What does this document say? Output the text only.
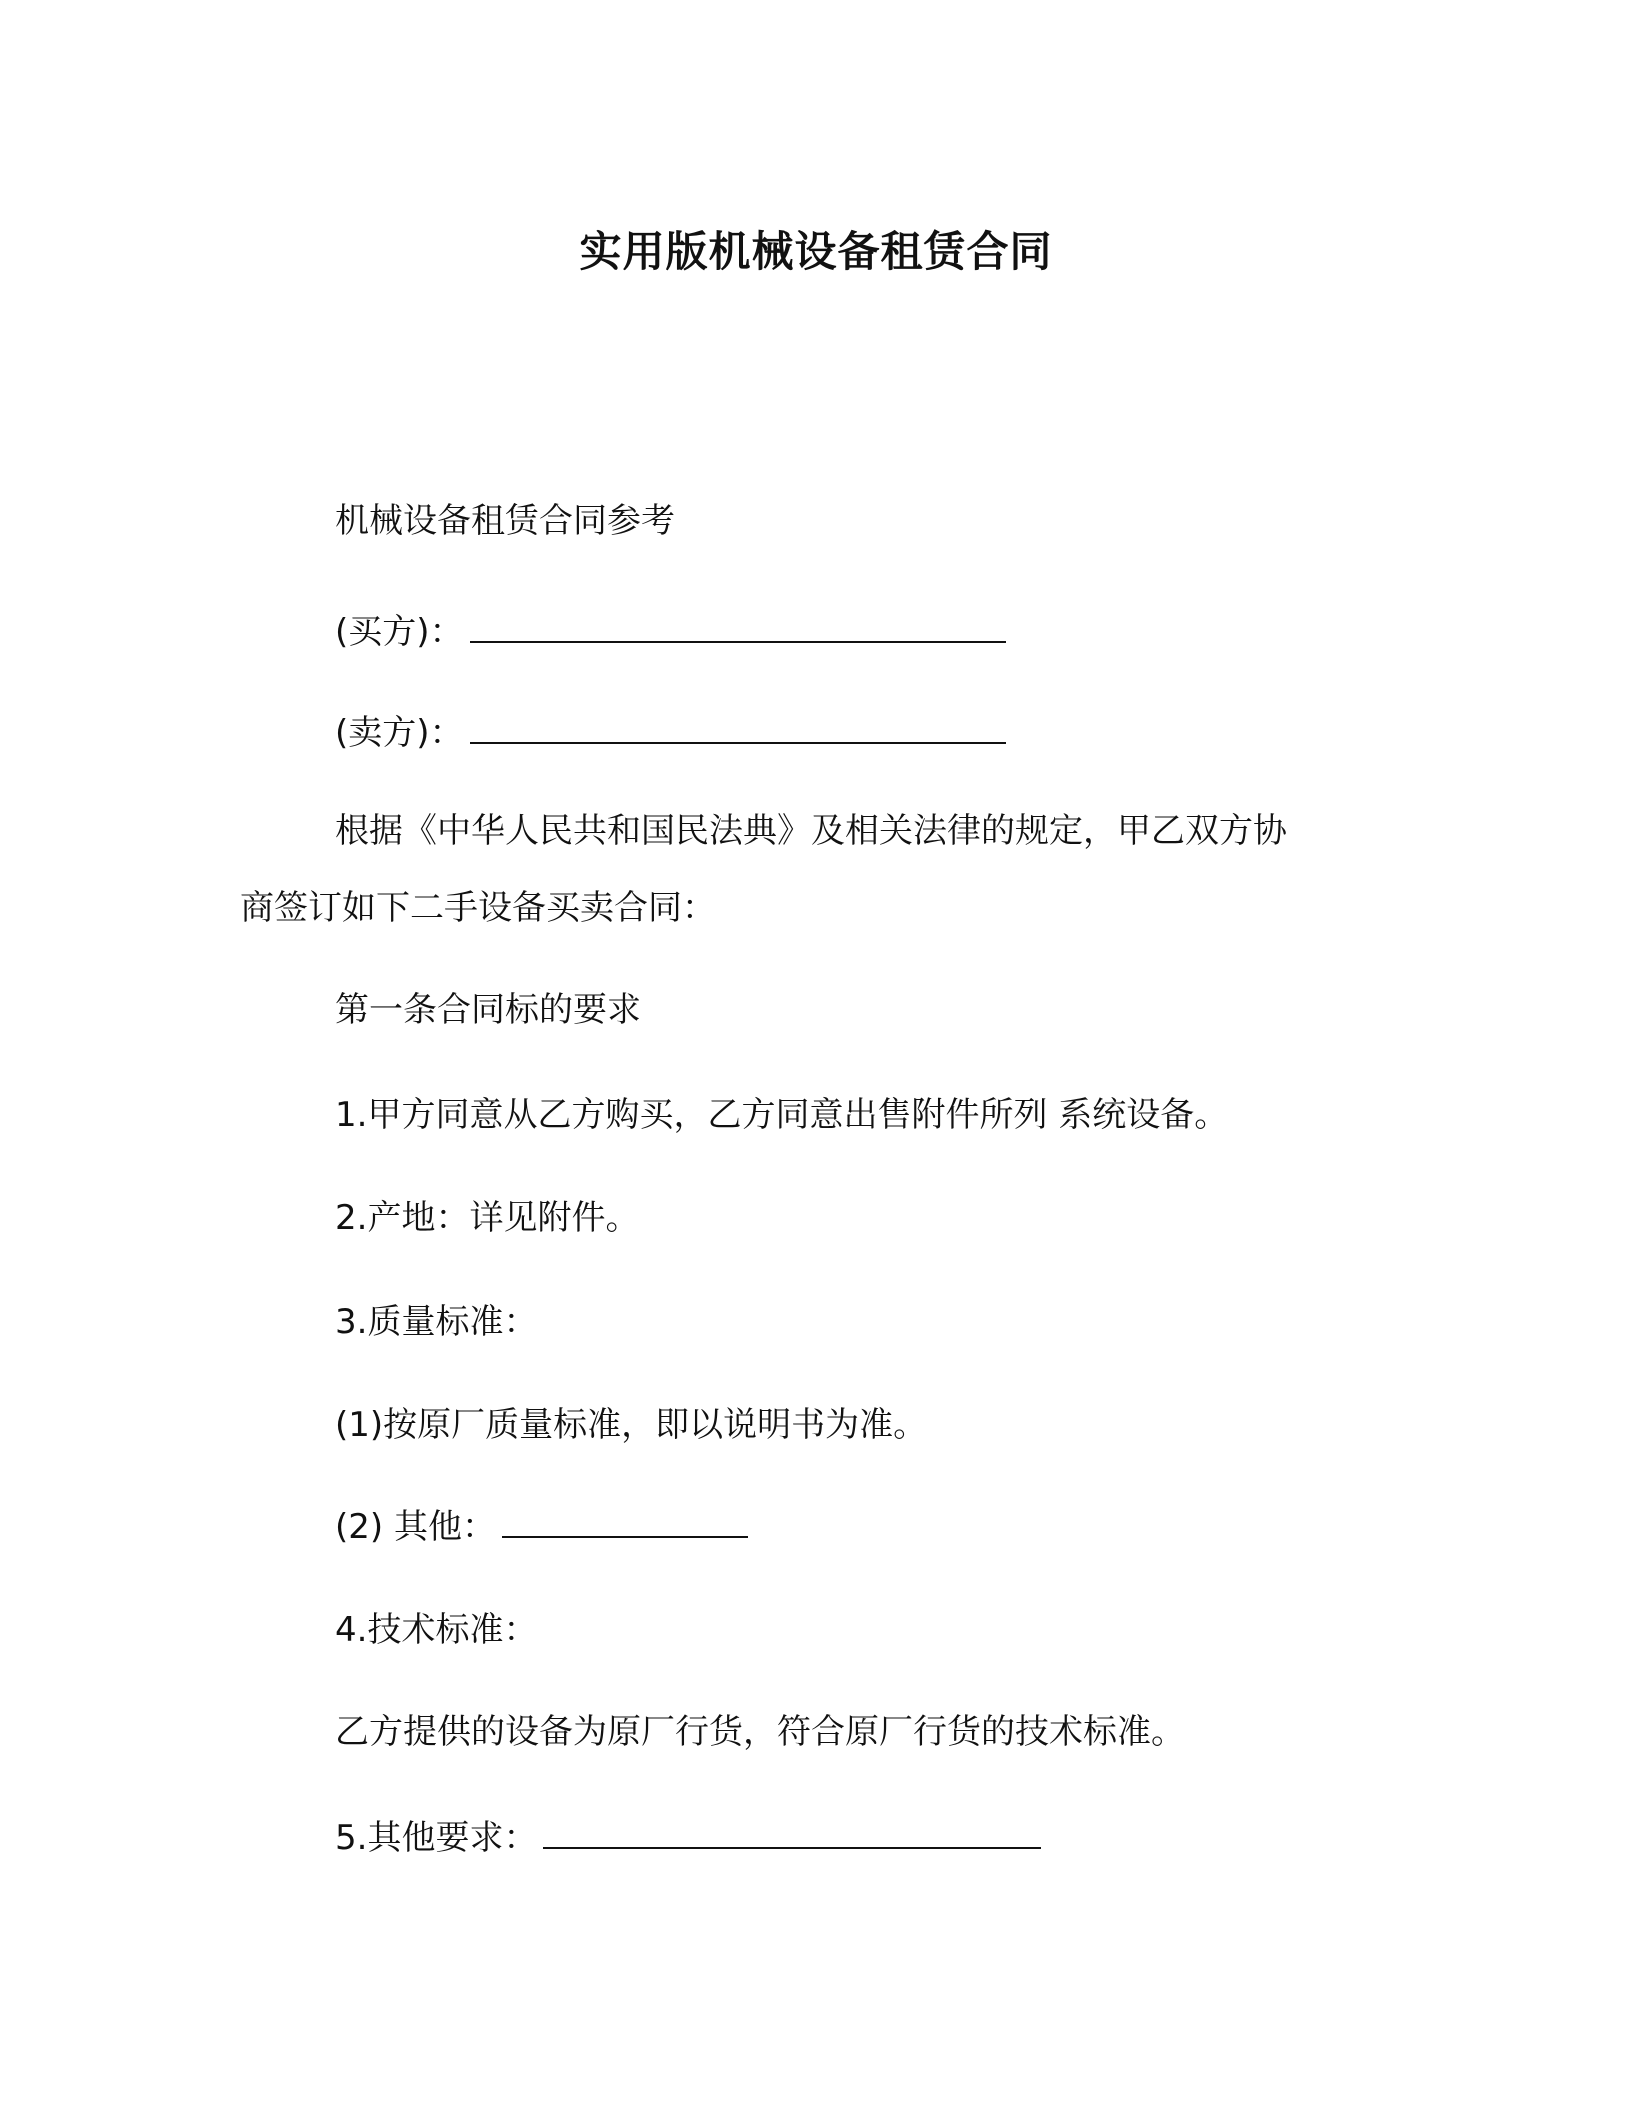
实用版机械设备租赁合同
机械设备租赁合同参考
(买方)：
(卖方)：
根据《中华人民共和国民法典》及相关法律的规定，甲乙双方协
商签订如下二手设备买卖合同：
第一条合同标的要求
1.甲方同意从乙方购买，乙方同意出售附件所列 系统设备。
2.产地：详见附件。
3.质量标准：
(1)按原厂质量标准，即以说明书为准。
(2) 其他：
4.技术标准：
乙方提供的设备为原厂行货，符合原厂行货的技术标准。
5.其他要求：
